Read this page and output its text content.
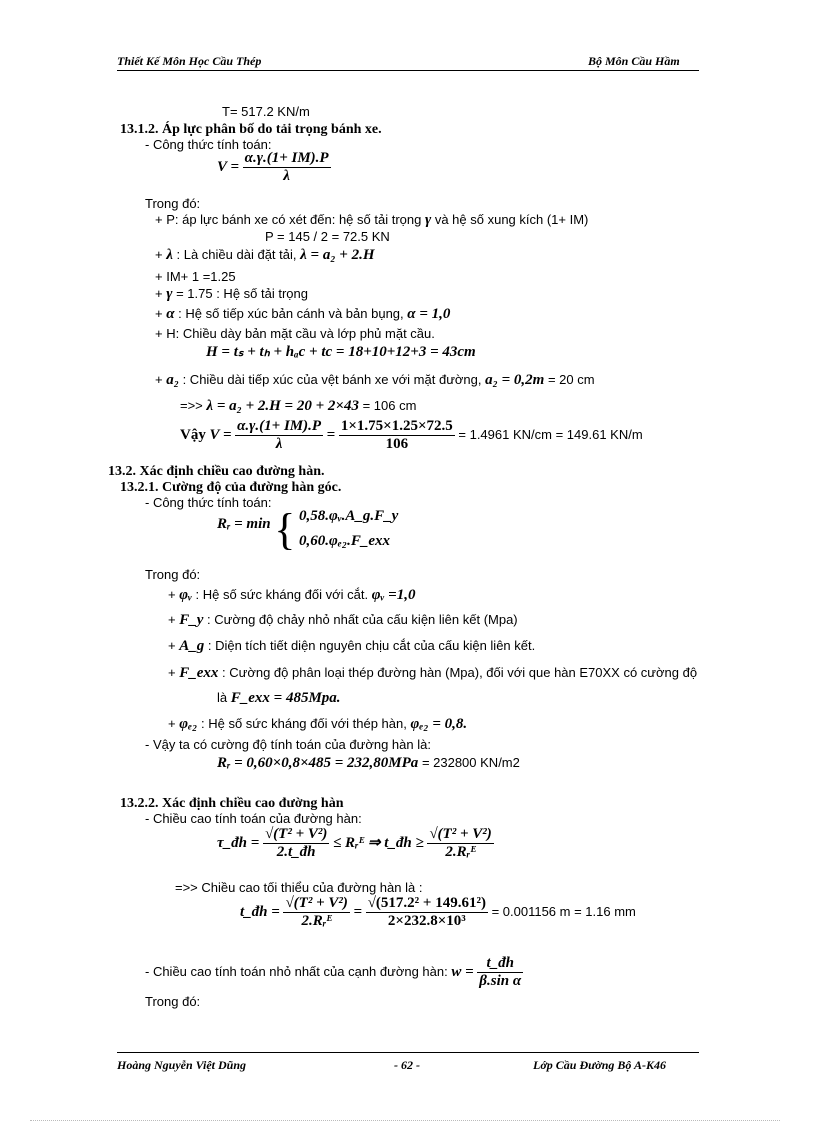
Thiết Kế Môn Học Cầu Thép	Bộ Môn Cầu Hầm
T= 517.2 KN/m
13.1.2. Áp lực phân bố do tải trọng bánh xe.
- Công thức tính toán:
$V = \frac{\alpha.\gamma.(1+ IM).P}{\lambda}$
Trong đó:
+ P: áp lực bánh xe có xét đến: hệ số tải trọng γ và hệ số xung kích (1+ IM)
P = 145 / 2 = 72.5 KN
+ λ : Là chiều dài đặt tải, λ = a₂ + 2.H
+ IM+ 1 =1.25
+ γ = 1.75 : Hệ số tải trọng
+ α : Hệ số tiếp xúc bản cánh và bản bụng, α = 1,0
+ H: Chiều dày bản mặt cầu và lớp phủ mặt cầu.
H = tₛ + tₕ + hₐc + tc = 18+10+12+3 = 43cm
+ a₂ : Chiều dài tiếp xúc của vệt bánh xe với mặt đường, a₂ = 0,2m = 20 cm
=>> λ = a₂ + 2.H = 20 + 2×43 = 106 cm
Vậy $V = \frac{\alpha.\gamma.(1+ IM).P}{\lambda} = \frac{1\times 1.75\times 1.25\times 72.5}{106} = 1.4961$ KN/cm = 149.61 KN/m
13.2. Xác định chiều cao đường hàn.
13.2.1. Cường độ của đường hàn góc.
- Công thức tính toán:
Rᵣ = min { 0,58.φᵥ.A_g.F_y
0,60.φₑ₂.F_exx
Trong đó:
+ φᵥ : Hệ số sức kháng đối với cắt. φᵥ =1,0
+ F_y : Cường độ chảy nhỏ nhất của cấu kiện liên kết (Mpa)
+ A_g : Diện tích tiết diện nguyên chịu cắt của cấu kiện liên kết.
+ F_exx : Cường độ phân loại thép đường hàn (Mpa), đối với que hàn E70XX có cường độ
là F_exx = 485Mpa.
+ φₑ₂ : Hệ số sức kháng đối với thép hàn, φₑ₂ = 0,8.
- Vậy ta có cường độ tính toán của đường hàn là:
Rᵣ = 0,60×0,8×485 = 232,80MPa = 232800 KN/m2
13.2.2. Xác định chiều cao đường hàn
- Chiều cao tính toán của đường hàn:
τ_đh = $\frac{\text{√(T² + V²)}}{2.t\_đh}$ ≤ Rᵣᴱ ⇒ t_đh ≥ $\frac{\text{√(T² + V²)}}{\text{2.Rᵣᴱ}}$
=>> Chiều cao tối thiểu của đường hàn là :
t_đh = $\frac{\text{√(T² + V²)}}{\text{2.Rᵣᴱ}} = \frac{\text{√(517.2² + 149.61²)}}{\text{2×232.8×10³}} = 0.001156$ m = 1.16 mm
- Chiều cao tính toán nhỏ nhất của cạnh đường hàn: $w = \frac{t\_đh}{\text{β.sin α}}$
Trong đó:
Hoàng Nguyễn Việt Dũng	- 62 -	Lớp Cầu Đường Bộ A-K46
